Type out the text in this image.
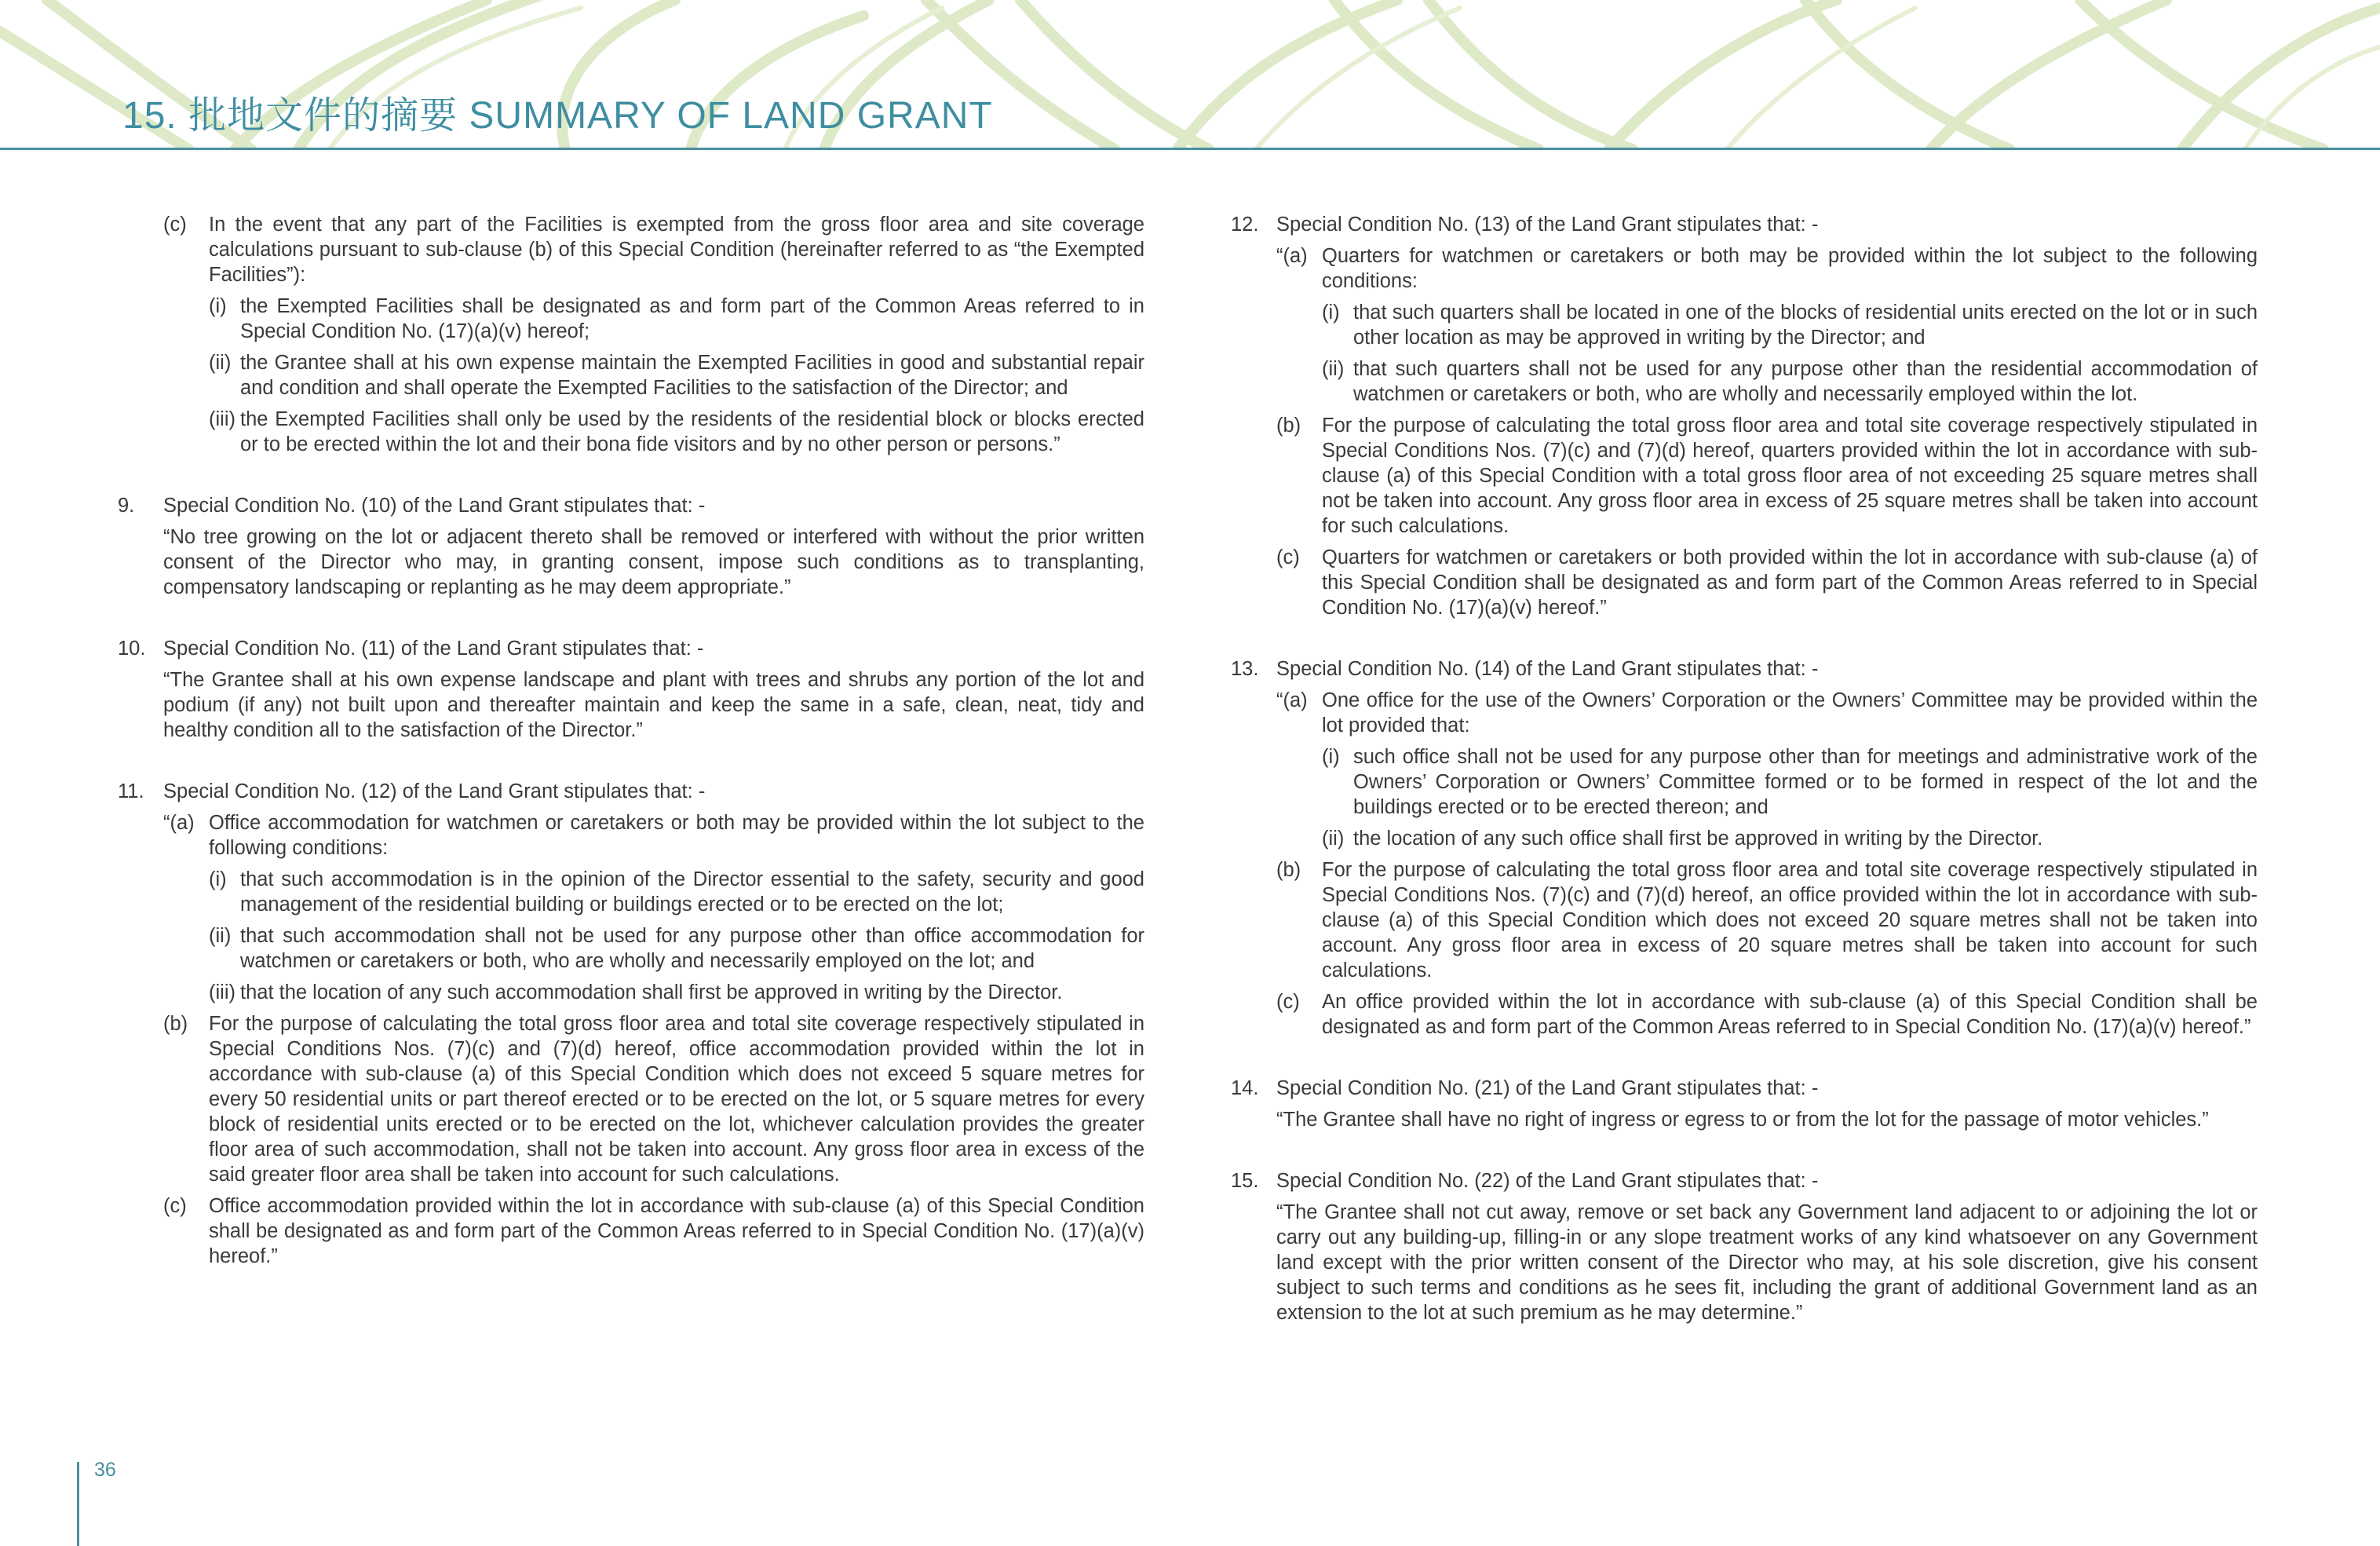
15. 批地文件的摘要 SUMMARY OF LAND GRANT
(c)	In the event that any part of the Facilities is exempted from the gross floor area and site coverage calculations pursuant to sub-clause (b) of this Special Condition (hereinafter referred to as “the Exempted Facilities”):
(i) the Exempted Facilities shall be designated as and form part of the Common Areas referred to in Special Condition No. (17)(a)(v) hereof;
(ii) the Grantee shall at his own expense maintain the Exempted Facilities in good and substantial repair and condition and shall operate the Exempted Facilities to the satisfaction of the Director; and
(iii) the Exempted Facilities shall only be used by the residents of the residential block or blocks erected or to be erected within the lot and their bona fide visitors and by no other person or persons.”
9.	Special Condition No. (10) of the Land Grant stipulates that: -

“No tree growing on the lot or adjacent thereto shall be removed or interfered with without the prior written consent of the Director who may, in granting consent, impose such conditions as to transplanting, compensatory landscaping or replanting as he may deem appropriate.”

10. Special Condition No. (11) of the Land Grant stipulates that: -

“The Grantee shall at his own expense landscape and plant with trees and shrubs any portion of the lot and podium (if any) not built upon and thereafter maintain and keep the same in a safe, clean, neat, tidy and healthy condition all to the satisfaction of the Director.”

11. Special Condition No. (12) of the Land Grant stipulates that: -
“(a) Office accommodation for watchmen or caretakers or both may be provided within the lot subject to the following conditions:
(i) that such accommodation is in the opinion of the Director essential to the safety, security and good management of the residential building or buildings erected or to be erected on the lot;
(ii) that such accommodation shall not be used for any purpose other than office accommodation for watchmen or caretakers or both, who are wholly and necessarily employed on the lot; and
(iii) that the location of any such accommodation shall first be approved in writing by the Director.
(b)	For the purpose of calculating the total gross floor area and total site coverage respectively stipulated in Special Conditions Nos. (7)(c) and (7)(d) hereof, office accommodation provided within the lot in accordance with sub-clause (a) of this Special Condition which does not exceed 5 square metres for every 50 residential units or part thereof erected or to be erected on the lot, or 5 square metres for every block of residential units erected or to be erected on the lot, whichever calculation provides the greater floor area of such accommodation, shall not be taken into account. Any gross floor area in excess of the said greater floor area shall be taken into account for such calculations.
(c)	Office accommodation provided within the lot in accordance with sub-clause (a) of this Special Condition shall be designated as and form part of the Common Areas referred to in Special Condition No. (17)(a)(v) hereof.”
12. Special Condition No. (13) of the Land Grant stipulates that: -
“(a) Quarters for watchmen or caretakers or both may be provided within the lot subject to the following conditions:
(i) that such quarters shall be located in one of the blocks of residential units erected on the lot or in such other location as may be approved in writing by the Director; and
(ii) that such quarters shall not be used for any purpose other than the residential accommodation of watchmen or caretakers or both, who are wholly and necessarily employed within the lot.
(b)	For the purpose of calculating the total gross floor area and total site coverage respectively stipulated in Special Conditions Nos. (7)(c) and (7)(d) hereof, quarters provided within the lot in accordance with sub-clause (a) of this Special Condition with a total gross floor area of not exceeding 25 square metres shall not be taken into account. Any gross floor area in excess of 25 square metres shall be taken into account for such calculations.
(c)	Quarters for watchmen or caretakers or both provided within the lot in accordance with sub-clause (a) of this Special Condition shall be designated as and form part of the Common Areas referred to in Special Condition No. (17)(a)(v) hereof.”
13. Special Condition No. (14) of the Land Grant stipulates that: -
“(a) One office for the use of the Owners’ Corporation or the Owners’ Committee may be provided within the lot provided that:
(i) such office shall not be used for any purpose other than for meetings and administrative work of the Owners’ Corporation or Owners’ Committee formed or to be formed in respect of the lot and the buildings erected or to be erected thereon; and
(ii) the location of any such office shall first be approved in writing by the Director.
(b)	For the purpose of calculating the total gross floor area and total site coverage respectively stipulated in Special Conditions Nos. (7)(c) and (7)(d) hereof, an office provided within the lot in accordance with sub-clause (a) of this Special Condition which does not exceed 20 square metres shall not be taken into account. Any gross floor area in excess of 20 square metres shall be taken into account for such calculations.
(c)	An office provided within the lot in accordance with sub-clause (a) of this Special Condition shall be designated as and form part of the Common Areas referred to in Special Condition No. (17)(a)(v) hereof.”
14. Special Condition No. (21) of the Land Grant stipulates that: -

“The Grantee shall have no right of ingress or egress to or from the lot for the passage of motor vehicles.”

15. Special Condition No. (22) of the Land Grant stipulates that: -

“The Grantee shall not cut away, remove or set back any Government land adjacent to or adjoining the lot or carry out any building-up, filling-in or any slope treatment works of any kind whatsoever on any Government land except with the prior written consent of the Director who may, at his sole discretion, give his consent subject to such terms and conditions as he sees fit, including the grant of additional Government land as an extension to the lot at such premium as he may determine.”

36
